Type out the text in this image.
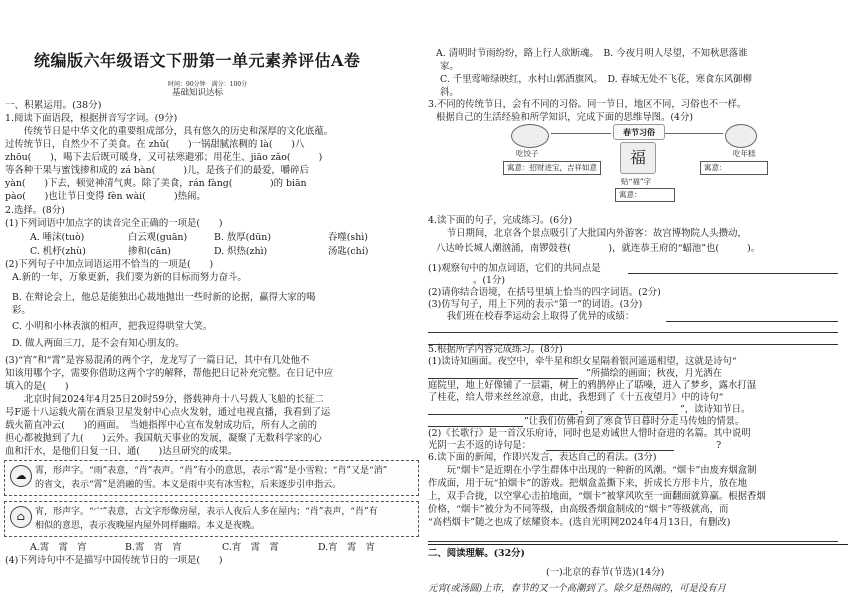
统编版六年级语文下册第一单元素养评估A卷
时间：90分钟　满分：100分
基础知识达标
一、积累运用。(38分)
1.阅读下面语段，根据拼音写字词。(9分)
　　传统节日是中华文化的重要组成部分，具有悠久的历史和深厚的文化底蕴。
过传统节日，自然少不了美食。在 zhǔ(　　)一锅甜腻浓稠的 là(　　)八
zhōu(　　)，喝下去后既可暖身，又可祛寒避邪；用花生、jiāo zǎo(　　　)
等各种干果与蜜饯掺和成的 zá bàn(　　　)儿，是孩子们的最爱，嚼碎后
yàn(　　)下去，顿觉神清气爽。除了美食，rán fàng(　　　　)的 biān
pào(　　)也让节日变得 fèn wài(　　　)热闹。
2.选择。(8分)
(1)下列词语中加点字的读音完全正确的一项是(　　)
A. 唾沫(tuò)	白云观(guān)	B. 敖厚(dūn)	吞噬(shì)
C. 机杼(zhù)	掺和(cān)	D. 炽热(zhì)	汤匙(chí)
(2)下列句子中加点词语运用不恰当的一项是(　　)
A.新的一年，万象更新，我们要为新的目标而努力奋斗。
B. 在辩论会上，他总是能独出心裁地抛出一些时新的论据，赢得大家的喝
彩。
C. 小明和小林表演的相声，把我逗得哄堂大笑。
D. 做人两面三刀，是不会有知心朋友的。
(3)“宵”和“霄”是容易混淆的两个字，龙龙写了一篇日记，其中有几处他不
知该用哪个字，需要你借助这两个字的解释，帮他把日记补充完整。在日记中应
填入的是(　　)
　　北京时间2024年4月25日20时59分，搭载神舟十八号载人飞船的长征二
号F遥十八运载火箭在酒泉卫星发射中心点火发射，通过电视直播，我看到了运
载火箭直冲云(　　)的画面。　当她指挥中心宣布发射成功后，所有人之前的
担心都被抛到了九(　　)云外。我国航天事业的发展，凝聚了无数科学家的心
血和汗水，是他们日复一日、通(　　)达旦研究的成果。
☁ 霄，形声字。“雨”表意，“肖”表声。“肖”有小的意思，表示“霄”是小雪粒；“肖”又是“消”
的省文，表示“霄”是消融的雪。本义是雨中夹有冰雪粒，后来逐步引申指云。
⌂	宵，形声字。“宀”表意，古文字形像房屋，表示人夜后人多在屋内；“肖”表声，“肖”有
相似的意思，表示夜晚屋内屋外同样幽暗。本义是夜晚。
A.霄　霄　宵	B.霄　宵　宵	C.宵　霄　霄	D.宵　霄　宵
(4)下列诗句中不是描写中国传统节日的一项是(　　)
A. 清明时节雨纷纷，路上行人欲断魂。　B. 今夜月明人尽望，不知秋思落谁
家。
C. 千里莺啼绿映红，水村山郭酒旗风。　D. 春城无处不飞花，寒食东风御柳
斜。
3.不同的传统节日，会有不同的习俗。同一节日，地区不同，习俗也不一样。
根据自己的生活经验和所学知识，完成下面的思维导图。(4分)
吃饺子
寓意：招财进宝，吉祥如意
春节习俗
福
贴“福”字
寓意：
吃年糕
寓意：
4.读下面的句子，完成练习。(6分)
　　节日期间，北京各个景点吸引了大批国内外游客：故宫博物院人头攒动，
八达岭长城人潮汹涌，南锣鼓巷(　　　　)，就连恭王府的“蝠池”也(　　　)。
(1)观察句中的加点词语，它们的共同点是
。(1分)
(2)请你结合语境，在括号里填上恰当的四字词语。(2分)
(3)仿写句子，用上下列的表示“第一”的词语。(3分)
　　我们班在校春季运动会上取得了优异的成绩：
5.根据所学内容完成练习。(8分)
(1)读诗知画面。夜空中，牵牛星和织女星隔着银河遥遥相望，这就是诗句“
”所描绘的画面；秋夜，月光洒在
庭院里，地上好像铺了一层霜，树上的鸦鹊停止了聒噪，进入了梦乡，露水打湿
了桂花，给人带来丝丝凉意，由此，我想到了《十五夜望月》中的诗句“
，	”，读诗知节日。
”让我们仿佛看到了寒食节日暮时分走马传烛的情景。
(2)《长歌行》是一首汉乐府诗，同时也是劝诫世人惜时奋进的名篇。其中说明
光阴一去不返的诗句是： 　　　　　　　　　　　　　　　　　　　?
6.读下面的新闻，作即兴发言，表达自己的看法。(3分)
　　玩“烟卡”是近期在小学生群体中出现的一种新的风潮。“烟卡”由废弃烟盒制
作成面，用于玩“拍烟卡”的游戏。把烟盒盖撕下来，折成长方形卡片，放在地
上，双手合拢，以空掌心击拍地面，“烟卡”被掌风吹至一面翻面就算赢。根据香烟
价格，“烟卡”被分为不同等级，由高级香烟盒制成的“烟卡”等级就高，而
“高档烟卡”随之也成了炫耀资本。(选自光明网2024年4月13日，有删改)
二、阅读理解。(32分)
(一)北京的春节(节选)(14分)
元宵(或汤圆)上市，春节的又一个高潮到了。除夕是热闹的，可是没有月
